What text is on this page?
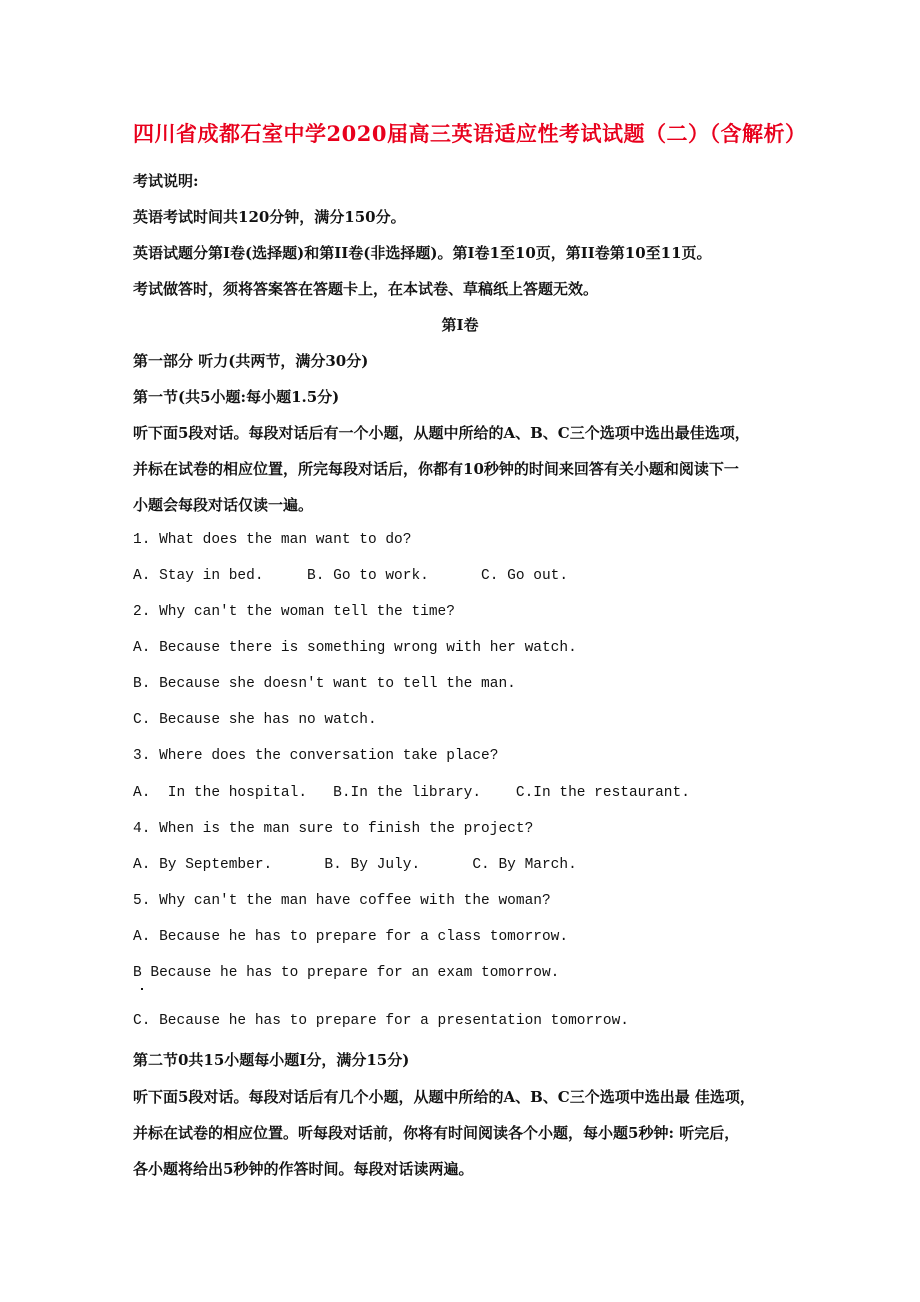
四川省成都石室中学2020届高三英语适应性考试试题（二）（含解析）
考试说明:
英语考试时间共120分钟，满分150分。
英语试题分第I卷(选择题)和第II卷(非选择题)。第I卷1至10页，第II卷第10至11页。
考试做答时，须将答案答在答题卡上，在本试卷、草稿纸上答题无效。
第I卷
第一部分 听力(共两节，满分30分)
第一节(共5小题:每小题1.5分)
听下面5段对话。每段对话后有一个小题，从题中所给的A、B、C三个选项中选出最佳选项，
并标在试卷的相应位置，所完每段对话后，你都有10秒钟的时间来回答有关小题和阅读下一
小题会每段对话仅读一遍。
1. What does the man want to do?
A. Stay in bed.     B. Go to work.      C. Go out.
2. Why can't the woman tell the time?
A. Because there is something wrong with her watch.
B. Because she doesn't want to tell the man.
C. Because she has no watch.
3. Where does the conversation take place?
A.  In the hospital.   B.In the library.    C.In the restaurant.
4. When is the man sure to finish the project?
A. By September.      B. By July.      C. By March.
5. Why can't the man have coffee with the woman?
A. Because he has to prepare for a class tomorrow.
B Because he has to prepare for an exam tomorrow.
C. Because he has to prepare for a presentation tomorrow.
第二节0共15小题每小题I分，满分15分)
听下面5段对话。每段对话后有几个小题，从题中所给的A、B、C三个选项中选出最 佳选项，
并标在试卷的相应位置。听每段对话前，你将有时间阅读各个小题，每小题5秒钟: 听完后，
各小题将给出5秒钟的作答时间。每段对话读两遍。
